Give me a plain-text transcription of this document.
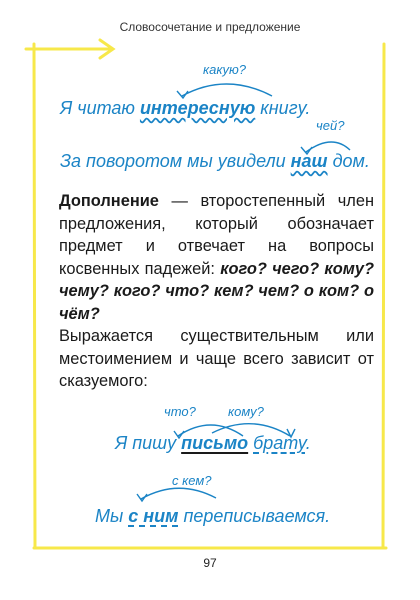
Словосочетание и предложение
какую?
Я читаю интересную книгу.
чей?
За поворотом мы увидели наш дом.
Дополнение — второстепенный член предложения, который обозначает предмет и отвечает на вопросы косвенных падежей: кого? чего? кому? чему? кого? что? кем? чем? о ком? о чём?
Выражается существительным или местоимением и чаще всего зависит от сказуемого:
что? кому?
Я пишу письмо брату.
с кем?
Мы с ним переписываемся.
97
